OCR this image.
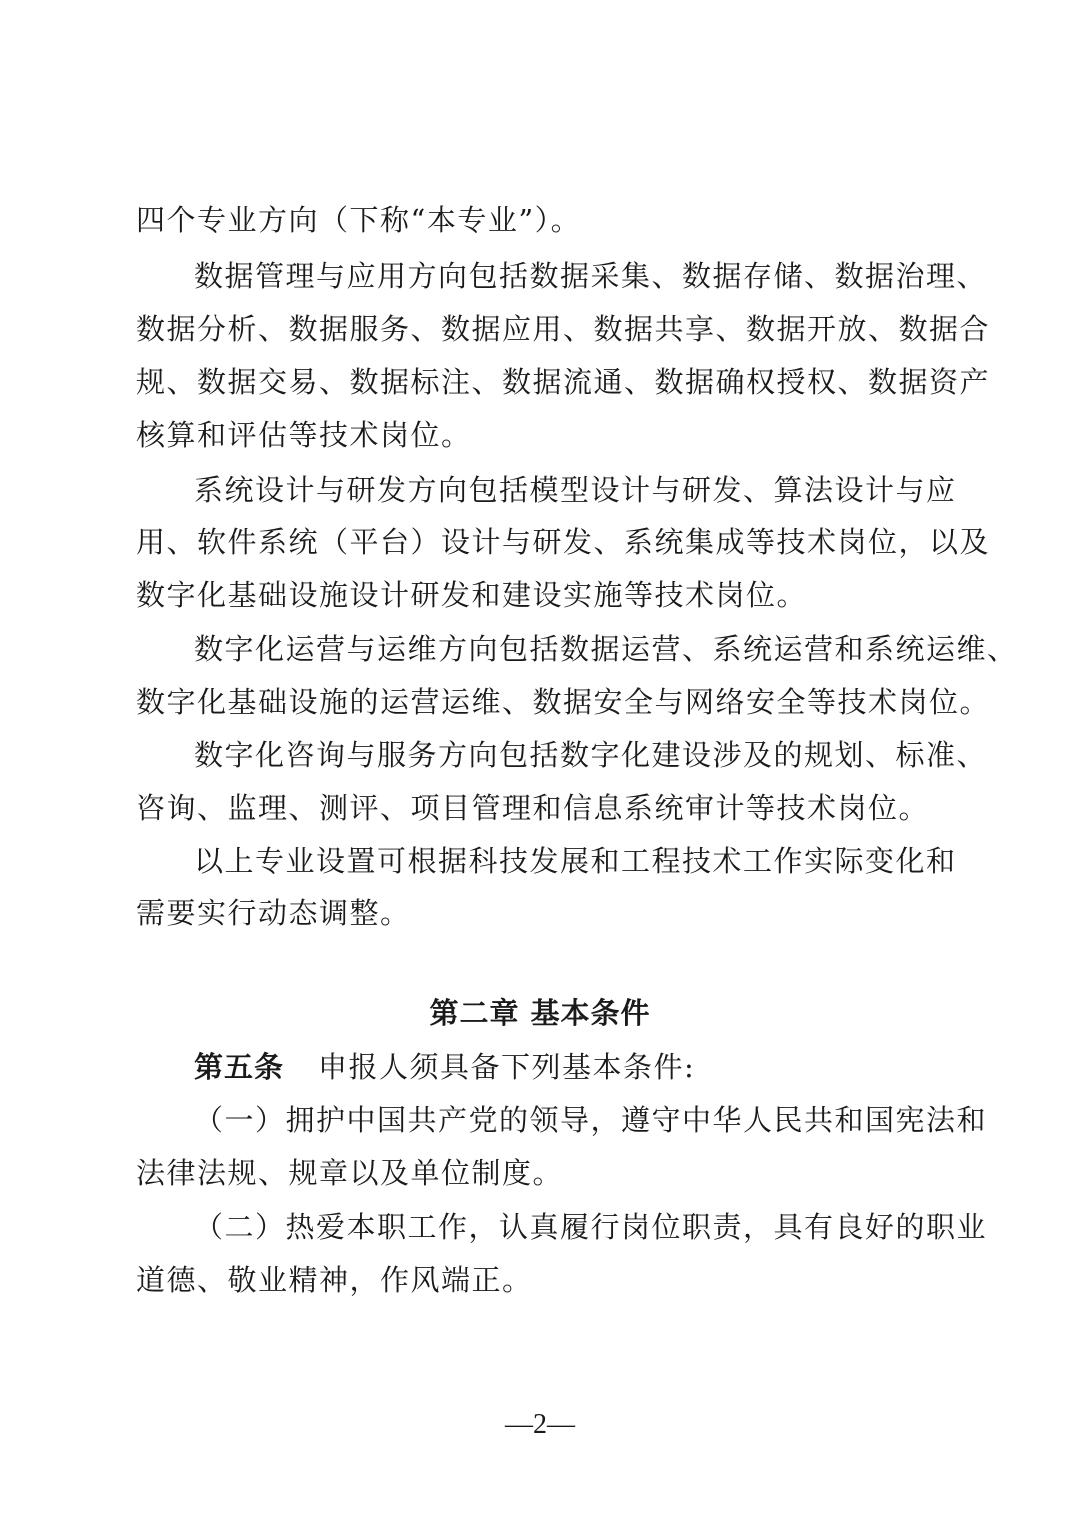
四个专业方向（下称“本专业”）。
数据管理与应用方向包括数据采集、数据存储、数据治理、
数据分析、数据服务、数据应用、数据共享、数据开放、数据合
规、数据交易、数据标注、数据流通、数据确权授权、数据资产
核算和评估等技术岗位。
系统设计与研发方向包括模型设计与研发、算法设计与应
用、软件系统（平台）设计与研发、系统集成等技术岗位，以及
数字化基础设施设计研发和建设实施等技术岗位。
数字化运营与运维方向包括数据运营、系统运营和系统运维、
数字化基础设施的运营运维、数据安全与网络安全等技术岗位。
数字化咨询与服务方向包括数字化建设涉及的规划、标准、
咨询、监理、测评、项目管理和信息系统审计等技术岗位。
以上专业设置可根据科技发展和工程技术工作实际变化和
需要实行动态调整。
第二章 基本条件
第五条 申报人须具备下列基本条件:
（一）拥护中国共产党的领导，遵守中华人民共和国宪法和
法律法规、规章以及单位制度。
（二）热爱本职工作，认真履行岗位职责，具有良好的职业
道德、敬业精神，作风端正。
—2—
